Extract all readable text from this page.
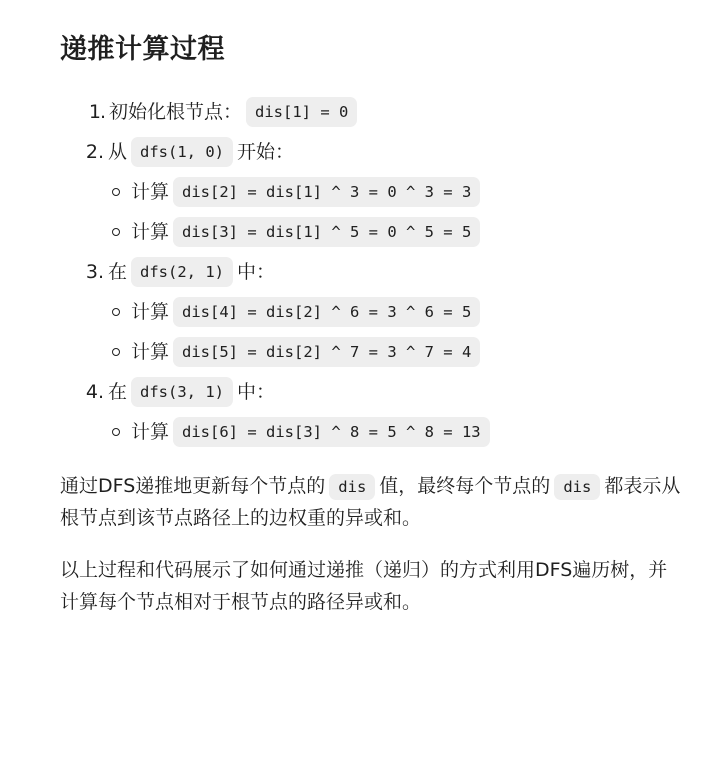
递推计算过程
1. 初始化根节点： dis[1] = 0
2. 从 dfs(1, 0) 开始：
计算 dis[2] = dis[1] ^ 3 = 0 ^ 3 = 3
计算 dis[3] = dis[1] ^ 5 = 0 ^ 5 = 5
3. 在 dfs(2, 1) 中：
计算 dis[4] = dis[2] ^ 6 = 3 ^ 6 = 5
计算 dis[5] = dis[2] ^ 7 = 3 ^ 7 = 4
4. 在 dfs(3, 1) 中：
计算 dis[6] = dis[3] ^ 8 = 5 ^ 8 = 13

通过DFS递推地更新每个节点的 dis 值，最终每个节点的 dis 都表示从根节点到该节点路径上的边权重的异或和。

以上过程和代码展示了如何通过递推（递归）的方式利用DFS遍历树，并计算每个节点相对于根节点的路径异或和。
